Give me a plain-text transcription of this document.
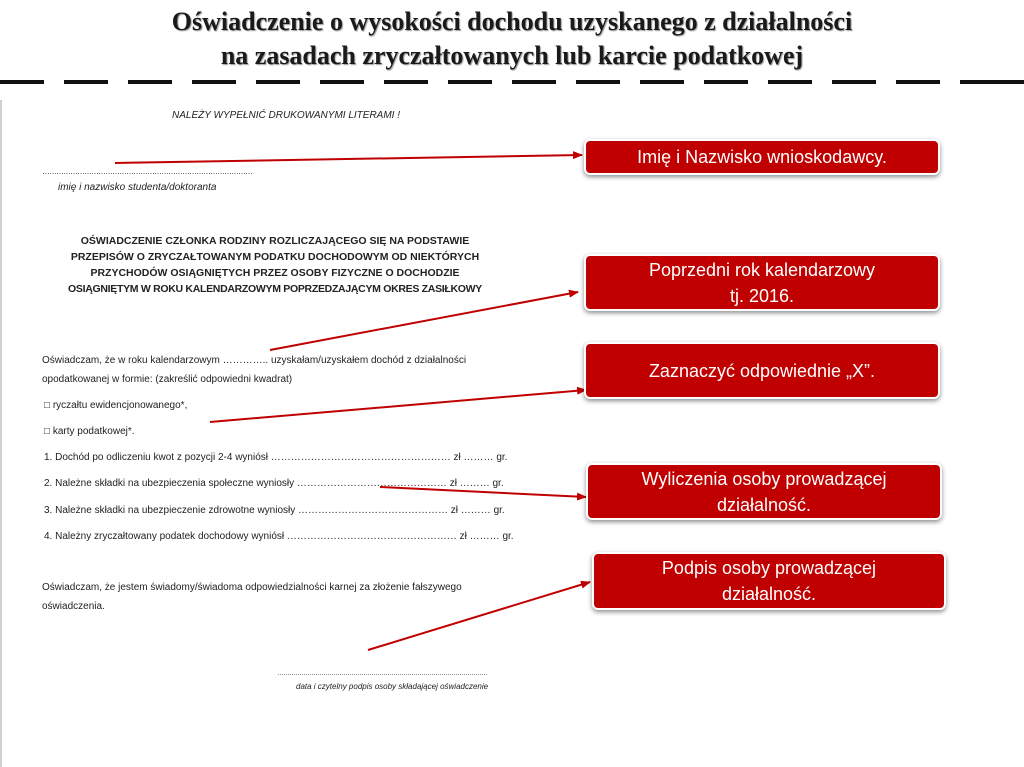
Oświadczenie o wysokości dochodu uzyskanego z działalności
na zasadach zryczałtowanych lub karcie podatkowej
NALEŻY WYPEŁNIĆ DRUKOWANYMI LITERAMI !
………………………………………………………………………………
imię i nazwisko studenta/doktoranta
OŚWIADCZENIE CZŁONKA RODZINY ROZLICZAJĄCEGO SIĘ NA PODSTAWIE
PRZEPISÓW O ZRYCZAŁTOWANYM PODATKU DOCHODOWYM OD NIEKTÓRYCH
PRZYCHODÓW OSIĄGNIĘTYCH PRZEZ OSOBY FIZYCZNE O DOCHODZIE
OSIĄGNIĘTYM W ROKU KALENDARZOWYM POPRZEDZAJĄCYM OKRES ZASIŁKOWY
Oświadczam, że w roku kalendarzowym ………….. uzyskałam/uzyskałem dochód z działalności
opodatkowanej w formie: (zakreślić odpowiedni kwadrat)
□ ryczałtu ewidencjonowanego*,
□ karty podatkowej*.
1. Dochód po odliczeniu kwot z pozycji 2-4 wyniósł ……………………………………………… zł ……… gr.
2. Należne składki na ubezpieczenia społeczne wyniosły ……………………………………… zł ……… gr.
3. Należne składki na ubezpieczenie zdrowotne wyniosły ……………………………………… zł ……… gr.
4. Należny zryczałtowany podatek dochodowy wyniósł …………………………………………… zł ……… gr.
Oświadczam, że jestem świadomy/świadoma odpowiedzialności karnej za złożenie fałszywego
oświadczenia.
……………………………………………………………………………………………
data i czytelny podpis osoby składającej oświadczenie
Imię i Nazwisko wnioskodawcy.
Poprzedni rok kalendarzowy
tj. 2016.
Zaznaczyć odpowiednie „X”.
Wyliczenia osoby prowadzącej
działalność.
Podpis osoby prowadzącej
działalność.
